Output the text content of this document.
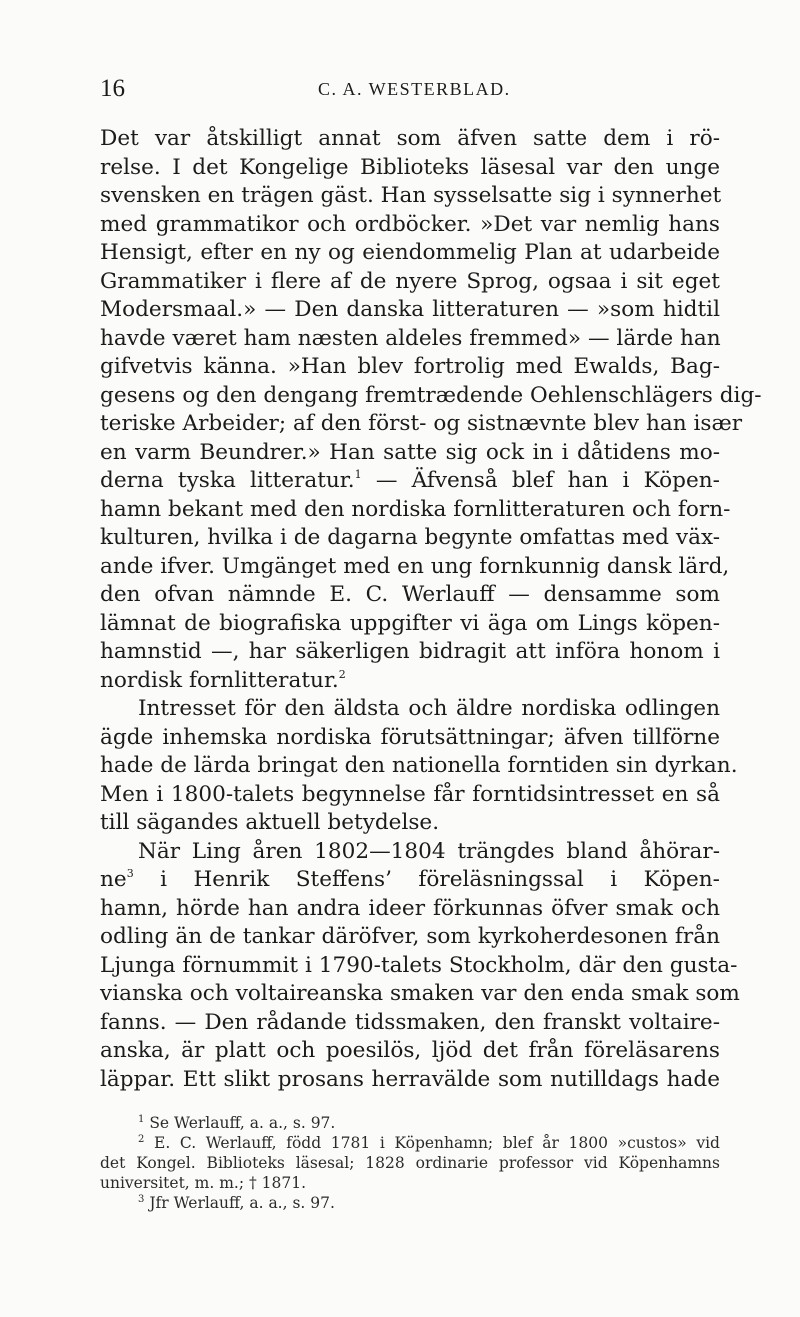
16	C. A. WESTERBLAD.
Det var åtskilligt annat som äfven satte dem i rö-
relse. I det Kongelige Biblioteks läsesal var den unge
svensken en trägen gäst. Han sysselsatte sig i synnerhet
med grammatikor och ordböcker. »Det var nemlig hans
Hensigt, efter en ny og eiendommelig Plan at udarbeide
Grammatiker i flere af de nyere Sprog, ogsaa i sit eget
Modersmaal.» — Den danska litteraturen — »som hidtil
havde været ham næsten aldeles fremmed» — lärde han
gifvetvis känna. »Han blev fortrolig med Ewalds, Bag-
gesens og den dengang fremtrædende Oehlenschlägers dig-
teriske Arbeider; af den först- og sistnævnte blev han især
en varm Beundrer.» Han satte sig ock in i dåtidens mo-
derna tyska litteratur.$^1$ — Äfvenså blef han i Köpen-
hamn bekant med den nordiska fornlitteraturen och forn-
kulturen, hvilka i de dagarna begynte omfattas med väx-
ande ifver. Umgänget med en ung fornkunnig dansk lärd,
den ofvan nämnde E. C. Werlauff — densamme som
lämnat de biografiska uppgifter vi äga om Lings köpen-
hamnstid —, har säkerligen bidragit att införa honom i
nordisk fornlitteratur.$^2$
Intresset för den äldsta och äldre nordiska odlingen
ägde inhemska nordiska förutsättningar; äfven tillförne
hade de lärda bringat den nationella forntiden sin dyrkan.
Men i 1800-talets begynnelse får forntidsintresset en så
till sägandes aktuell betydelse.
När Ling åren 1802—1804 trängdes bland åhörar-
$ne^3$ i Henrik Steffens’ föreläsningssal i Köpen-
hamn, hörde han andra ideer förkunnas öfver smak och
odling än de tankar däröfver, som kyrkoherdesonen från
Ljunga förnummit i 1790-talets Stockholm, där den gusta-
vianska och voltaireanska smaken var den enda smak som
fanns. — Den rådande tidssmaken, den franskt voltaire-
anska, är platt och poesilös, ljöd det från föreläsarens
läppar. Ett slikt prosans herravälde som nutilldags hade
$^1$ Se Werlauff, a. a., s. 97.
$^2$ E. C. Werlauff, född 1781 i Köpenhamn; blef år 1800 »custos» vid
det Kongel. Biblioteks läsesal; 1828 ordinarie professor vid Köpenhamns
universitet, m. m.; † 1871.
$^3$ Jfr Werlauff, a. a., s. 97.
